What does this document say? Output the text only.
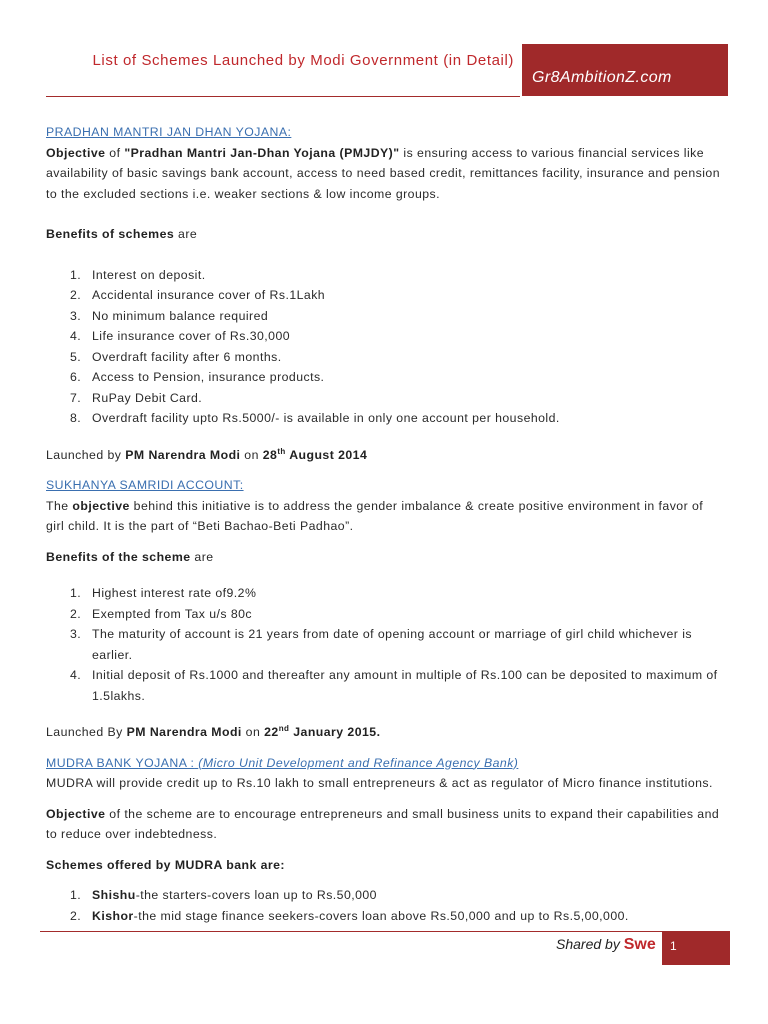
List of Schemes Launched by Modi Government (in Detail)
Gr8AmbitionZ.com

PRADHAN MANTRI JAN DHAN YOJANA:

Objective of "Pradhan Mantri Jan-Dhan Yojana (PMJDY)" is ensuring access to various financial services like availability of basic savings bank account, access to need based credit, remittances facility, insurance and pension to the excluded sections i.e. weaker sections & low income groups.

Benefits of schemes are

1. Interest on deposit.
2. Accidental insurance cover of Rs.1Lakh
3. No minimum balance required
4. Life insurance cover of Rs.30,000
5. Overdraft facility after 6 months.
6. Access to Pension, insurance products.
7. RuPay Debit Card.
8. Overdraft facility upto Rs.5000/- is available in only one account per household.

Launched by PM Narendra Modi on 28th August 2014

SUKHANYA SAMRIDI ACCOUNT:

The objective behind this initiative is to address the gender imbalance & create positive environment in favor of girl child. It is the part of “Beti Bachao-Beti Padhao”.

Benefits of the scheme are

1. Highest interest rate of9.2%
2. Exempted from Tax u/s 80c
3. The maturity of account is 21 years from date of opening account or marriage of girl child whichever is earlier.
4. Initial deposit of Rs.1000 and thereafter any amount in multiple of Rs.100 can be deposited to maximum of 1.5lakhs.

Launched By PM Narendra Modi on 22nd January 2015.

MUDRA BANK YOJANA : (Micro Unit Development and Refinance Agency Bank)

MUDRA will provide credit up to Rs.10 lakh to small entrepreneurs & act as regulator of Micro finance institutions.

Objective of the scheme are to encourage entrepreneurs and small business units to expand their capabilities and to reduce over indebtedness.

Schemes offered by MUDRA bank are:

1. Shishu-the starters-covers loan up to Rs.50,000
2. Kishor-the mid stage finance seekers-covers loan above Rs.50,000 and up to Rs.5,00,000.
Shared by Swe 1
